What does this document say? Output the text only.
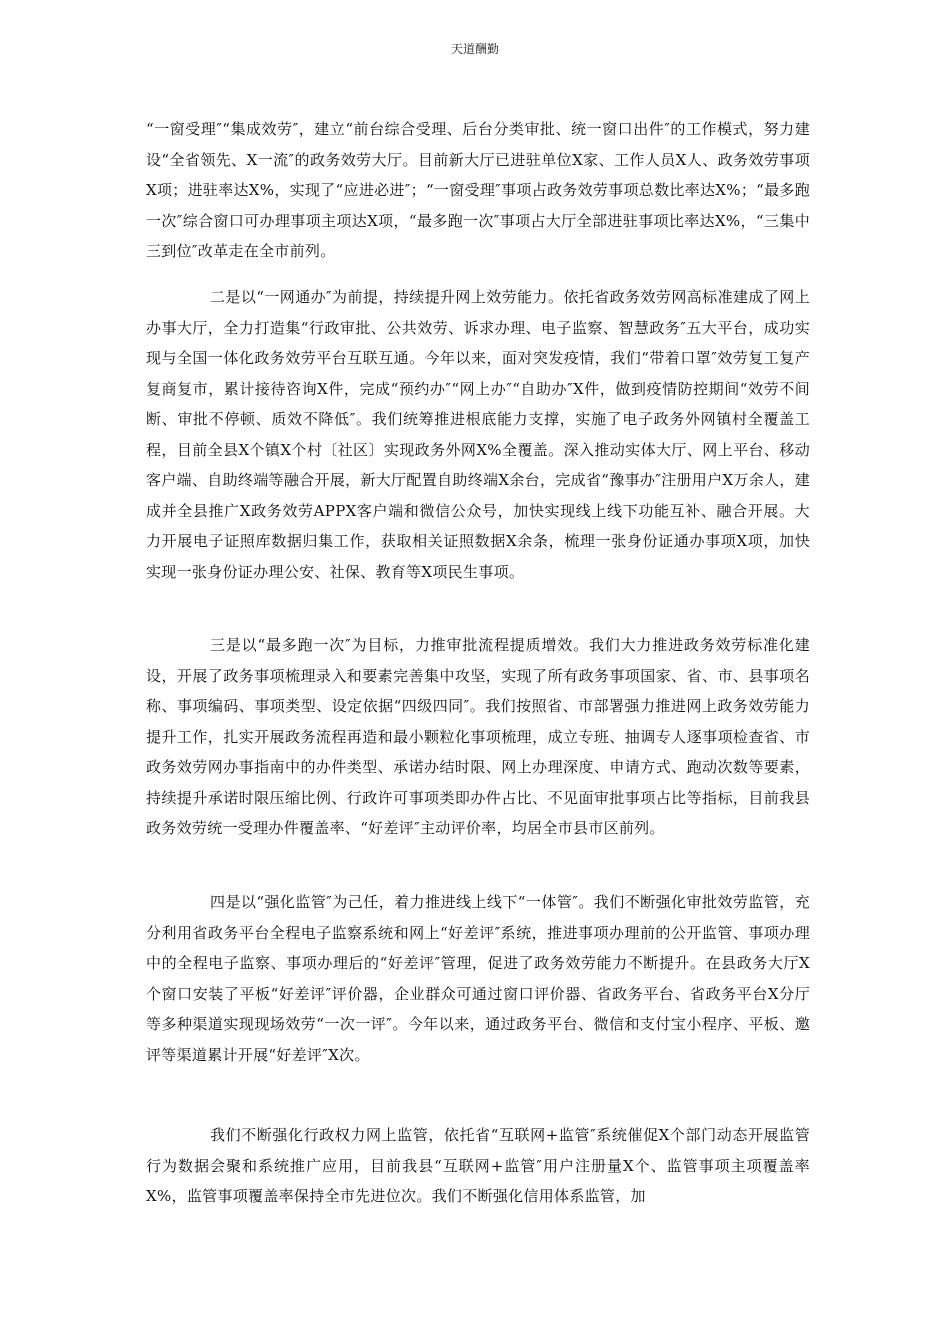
天道酬勤

“一窗受理″“集成效劳″，建立“前台综合受理、后台分类审批、统一窗口出件″的工作模式，努力建设“全省领先、X一流″的政务效劳大厅。目前新大厅已进驻单位X家、工作人员X人、政务效劳事项X项；进驻率达X%，实现了“应进必进″；“一窗受理″事项占政务效劳事项总数比率达X%；“最多跑一次″综合窗口可办理事项主项达X项，“最多跑一次″事项占大厅全部进驻事项比率达X%，“三集中三到位″改革走在全市前列。

二是以“一网通办″为前提，持续提升网上效劳能力。依托省政务效劳网高标准建成了网上办事大厅，全力打造集“行政审批、公共效劳、诉求办理、电子监察、智慧政务″五大平台，成功实现与全国一体化政务效劳平台互联互通。今年以来，面对突发疫情，我们“带着口罩″效劳复工复产复商复市，累计接待咨询X件，完成“预约办″“网上办″“自助办″X件，做到疫情防控期间“效劳不间断、审批不停顿、质效不降低″。我们统筹推进根底能力支撑，实施了电子政务外网镇村全覆盖工程，目前全县X个镇X个村〔社区〕实现政务外网X%全覆盖。深入推动实体大厅、网上平台、移动客户端、自助终端等融合开展，新大厅配置自助终端X余台，完成省“豫事办″注册用户X万余人，建成并全县推广X政务效劳APPX客户端和微信公众号，加快实现线上线下功能互补、融合开展。大力开展电子证照库数据归集工作，获取相关证照数据X余条，梳理一张身份证通办事项X项，加快实现一张身份证办理公安、社保、教育等X项民生事项。

三是以“最多跑一次″为目标，力推审批流程提质增效。我们大力推进政务效劳标准化建设，开展了政务事项梳理录入和要素完善集中攻坚，实现了所有政务事项国家、省、市、县事项名称、事项编码、事项类型、设定依据“四级四同″。我们按照省、市部署强力推进网上政务效劳能力提升工作，扎实开展政务流程再造和最小颗粒化事项梳理，成立专班、抽调专人逐事项检查省、市政务效劳网办事指南中的办件类型、承诺办结时限、网上办理深度、申请方式、跑动次数等要素，持续提升承诺时限压缩比例、行政许可事项类即办件占比、不见面审批事项占比等指标，目前我县政务效劳统一受理办件覆盖率、“好差评″主动评价率，均居全市县市区前列。

四是以“强化监管″为己任，着力推进线上线下“一体管″。我们不断强化审批效劳监管，充分利用省政务平台全程电子监察系统和网上“好差评″系统，推进事项办理前的公开监管、事项办理中的全程电子监察、事项办理后的“好差评″管理，促进了政务效劳能力不断提升。在县政务大厅X个窗口安装了平板“好差评″评价器，企业群众可通过窗口评价器、省政务平台、省政务平台X分厅等多种渠道实现现场效劳“一次一评″。今年以来，通过政务平台、微信和支付宝小程序、平板、邀评等渠道累计开展“好差评″X次。

我们不断强化行政权力网上监管，依托省“互联网+监管″系统催促X个部门动态开展监管行为数据会聚和系统推广应用，目前我县“互联网+监管″用户注册量X个、监管事项主项覆盖率X%，监管事项覆盖率保持全市先进位次。我们不断强化信用体系监管，加
